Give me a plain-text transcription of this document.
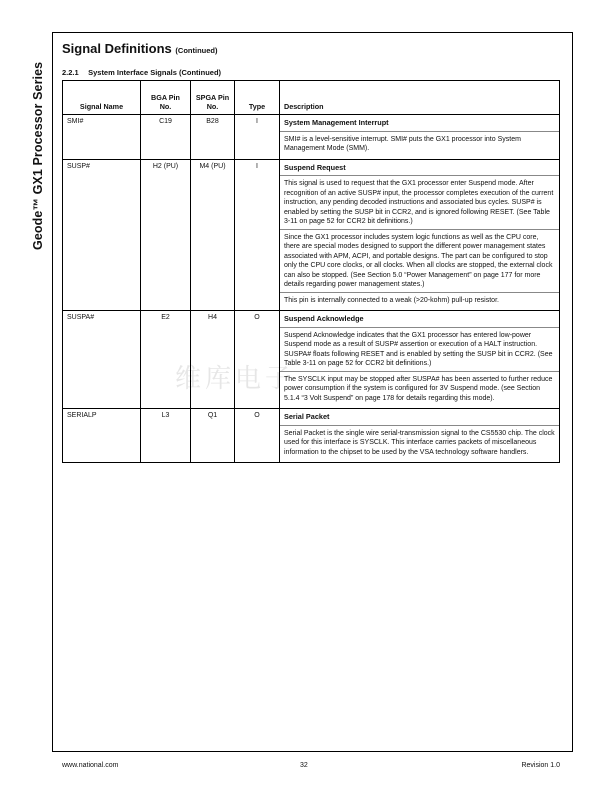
Geode™ GX1 Processor Series
Signal Definitions (Continued)
2.2.1 System Interface Signals (Continued)
维库电子
Signal Name	BGA Pin No.	SPGA Pin No.	Type	Description
SMI#	C19	B28	I	System Management Interrupt

SMI# is a level-sensitive interrupt. SMI# puts the GX1 processor into System Management Mode (SMM).

SUSP#	H2 (PU)	M4 (PU)	I	Suspend Request

This signal is used to request that the GX1 processor enter Suspend mode. After recognition of an active SUSP# input, the processor completes execution of the current instruction, any pending decoded instructions and associated bus cycles. SUSP# is enabled by setting the SUSP bit in CCR2, and is ignored following RESET. (See Table 3-11 on page 52 for CCR2 bit definitions.)

Since the GX1 processor includes system logic functions as well as the CPU core, there are special modes designed to support the different power management states associated with APM, ACPI, and portable designs. The part can be configured to stop only the CPU core clocks, or all clocks. When all clocks are stopped, the external clock can also be stopped. (See Section 5.0 “Power Management” on page 177 for more details regarding power management states.)

This pin is internally connected to a weak (>20-kohm) pull-up resistor.

SUSPA#	E2	H4	O	Suspend Acknowledge

Suspend Acknowledge indicates that the GX1 processor has entered low-power Suspend mode as a result of SUSP# assertion or execution of a HALT instruction. SUSPA# floats following RESET and is enabled by setting the SUSP bit in CCR2. (See Table 3-11 on page 52 for CCR2 bit definitions.)

The SYSCLK input may be stopped after SUSPA# has been asserted to further reduce power consumption if the system is configured for 3V Suspend mode. (see Section 5.1.4 “3 Volt Suspend” on page 178 for details regarding this mode).

SERIALP	L3	Q1	O	Serial Packet

Serial Packet is the single wire serial-transmission signal to the CS5530 chip. The clock used for this interface is SYSCLK. This interface carries packets of miscellaneous information to the chipset to be used by the VSA technology software handlers.

www.national.com	32	Revision 1.0
